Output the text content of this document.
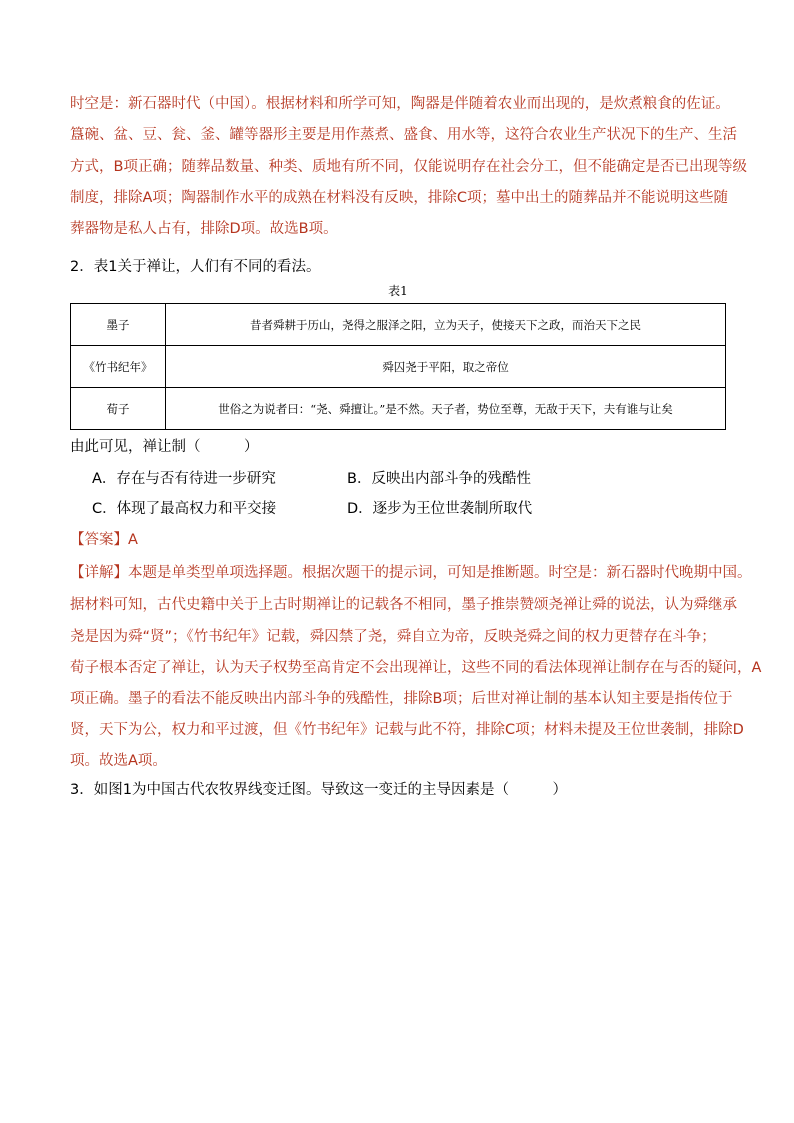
时空是：新石器时代（中国）。根据材料和所学可知，陶器是伴随着农业而出现的，是炊煮粮食的佐证。

簋碗、盆、豆、瓮、釜、罐等器形主要是用作蒸煮、盛食、用水等，这符合农业生产状况下的生产、生活

方式，B项正确；随葬品数量、种类、质地有所不同，仅能说明存在社会分工，但不能确定是否已出现等级

制度，排除A项；陶器制作水平的成熟在材料没有反映，排除C项；墓中出土的随葬品并不能说明这些随

葬器物是私人占有，排除D项。故选B项。

2．表1关于禅让，人们有不同的看法。

表1
墨子	昔者舜耕于历山，尧得之服泽之阳，立为天子，使接天下之政，而治天下之民
《竹书纪年》	舜囚尧于平阳，取之帝位
荀子	世俗之为说者曰：“尧、舜擅让。”是不然。天子者，势位至尊，无敌于天下，夫有谁与让矣

由此可见，禅让制（　　　）

A．存在与否有待进一步研究	B．反映出内部斗争的残酷性

C．体现了最高权力和平交接	D．逐步为王位世袭制所取代

【答案】A

【详解】本题是单类型单项选择题。根据次题干的提示词，可知是推断题。时空是：新石器时代晚期中国。

据材料可知，古代史籍中关于上古时期禅让的记载各不相同，墨子推崇赞颂尧禅让舜的说法，认为舜继承

尧是因为舜“贤”；《竹书纪年》记载，舜囚禁了尧，舜自立为帝，反映尧舜之间的权力更替存在斗争；

荀子根本否定了禅让，认为天子权势至高肯定不会出现禅让，这些不同的看法体现禅让制存在与否的疑问，A

项正确。墨子的看法不能反映出内部斗争的残酷性，排除B项；后世对禅让制的基本认知主要是指传位于

贤，天下为公，权力和平过渡，但《竹书纪年》记载与此不符，排除C项；材料未提及王位世袭制，排除D

项。故选A项。

3．如图1为中国古代农牧界线变迁图。导致这一变迁的主导因素是（　　　）
